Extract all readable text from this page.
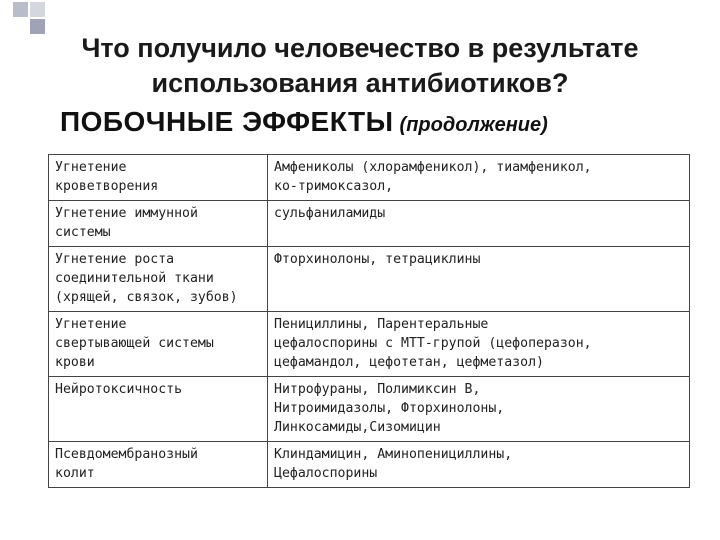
Что получило человечество в результате
использования антибиотиков?
ПОБОЧНЫЕ ЭФФЕКТЫ (продолжение)
Угнетение
кроветворения	Амфениколы (хлорамфеникол), тиамфеникол,
ко-тримоксазол,

Угнетение иммунной
системы	сульфаниламиды

Угнетение роста
соединительной ткани
(хрящей, связок, зубов)	Фторхинолоны, тетрациклины

Угнетение
свертывающей системы
крови	Пенициллины, Парентеральные
цефалоспорины с МТТ-групой (цефоперазон,
цефамандол, цефотетан, цефметазол)

Нейротоксичность	Нитрофураны, Полимиксин В,
Нитроимидазолы, Фторхинолоны,
Линкосамиды,Сизомицин

Псевдомембранозный
колит	Клиндамицин, Аминопенициллины,
Цефалоспорины
